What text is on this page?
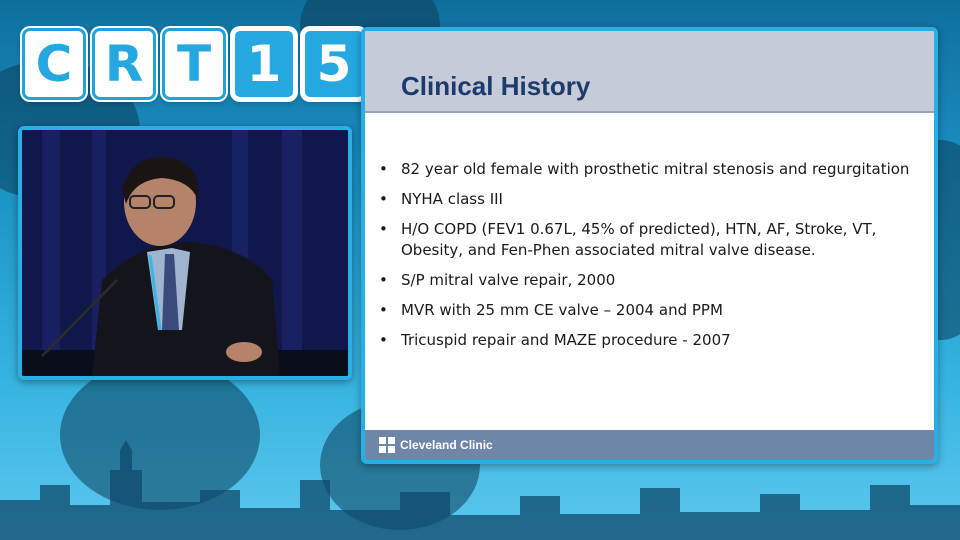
C R T 1 5	Clinical History
• 82 year old female with prosthetic mitral stenosis and regurgitation
• NYHA class III
• H/O COPD (FEV1 0.67L, 45% of predicted), HTN, AF, Stroke, VT, Obesity, and Fen-Phen associated mitral valve disease.
• S/P mitral valve repair, 2000
• MVR with 25 mm CE valve – 2004 and PPM
• Tricuspid repair and MAZE procedure - 2007
Cleveland Clinic
